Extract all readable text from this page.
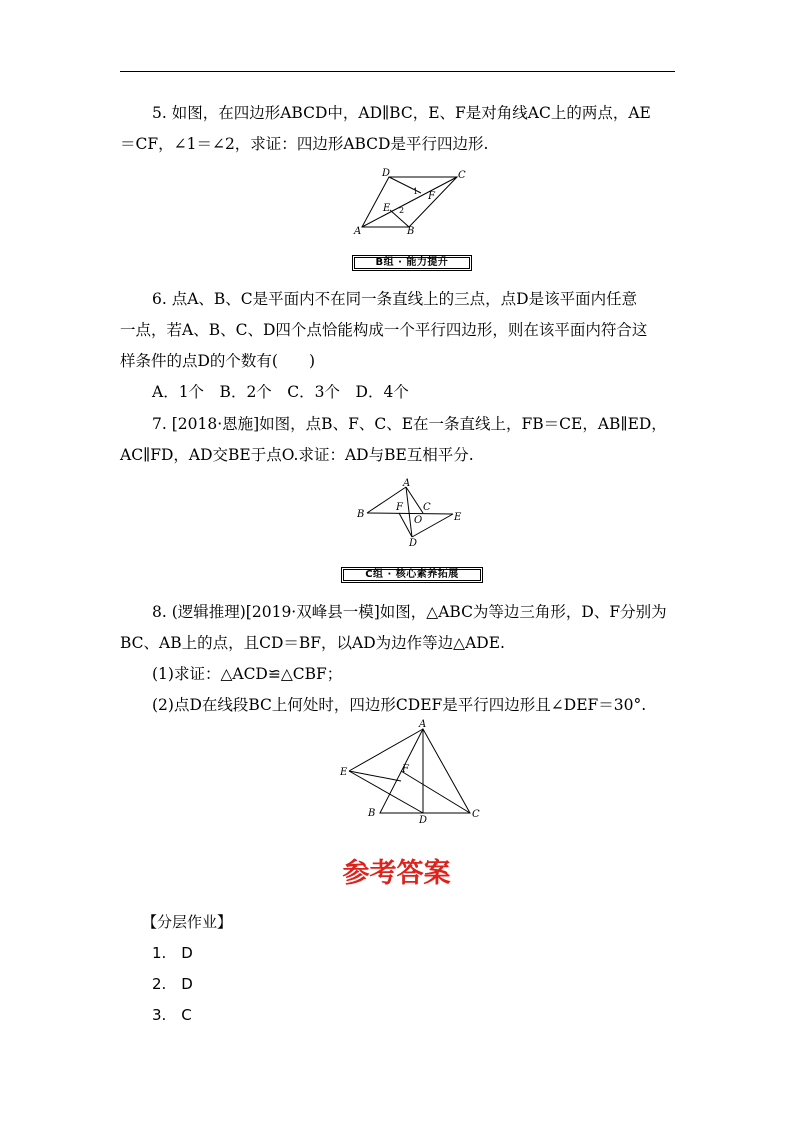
5. 如图，在四边形ABCD中，AD∥BC，E、F是对角线AC上的两点，AE
＝CF，∠1＝∠2，求证：四边形ABCD是平行四边形.
A	B
C
D
E
F
1
2
B组 · 能力提升
6. 点A、B、C是平面内不在同一条直线上的三点，点D是该平面内任意
一点，若A、B、C、D四个点恰能构成一个平行四边形，则在该平面内符合这
样条件的点D的个数有(　　)
A．1个　B．2个　C．3个　D．4个
7. [2018·恩施]如图，点B、F、C、E在一条直线上，FB＝CE，AB∥ED，
AC∥FD，AD交BE于点O.求证：AD与BE互相平分.
A
B
C
D
E
F
O
C组 · 核心素养拓展
8. (逻辑推理)[2019·双峰县一模]如图，△ABC为等边三角形，D、F分别为
BC、AB上的点，且CD＝BF，以AD为边作等边△ADE.
(1)求证：△ACD≌△CBF；
(2)点D在线段BC上何处时，四边形CDEF是平行四边形且∠DEF＝30°.
A
B	C
D
E	F
参考答案
【分层作业】
1.　D
2.　D
3.　C
